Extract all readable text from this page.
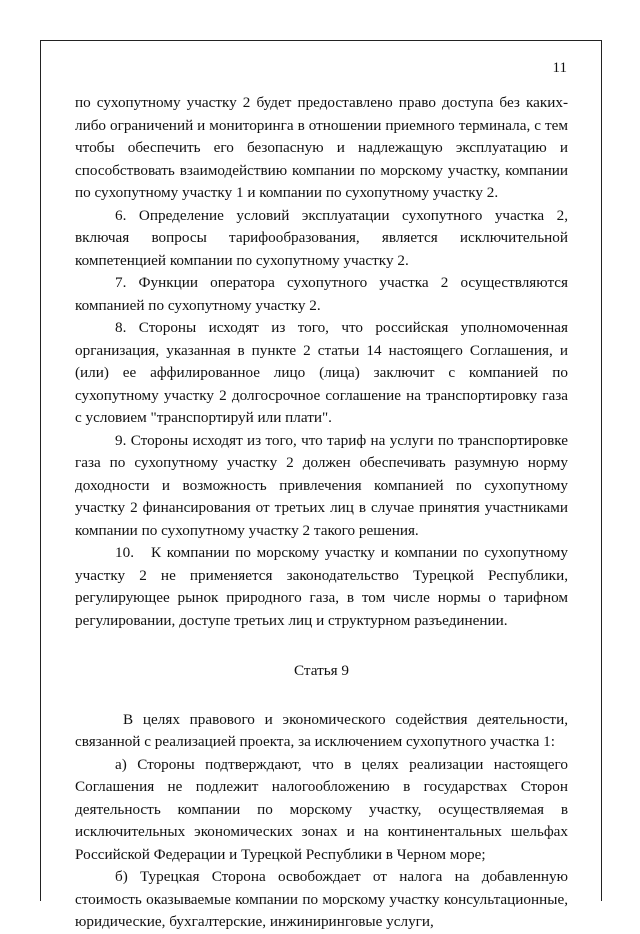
11

по сухопутному участку 2 будет предоставлено право доступа без каких-либо ограничений и мониторинга в отношении приемного терминала, с тем чтобы обеспечить его безопасную и надлежащую эксплуатацию и способствовать взаимодействию компании по морскому участку, компании по сухопутному участку 1 и компании по сухопутному участку 2.

6. Определение условий эксплуатации сухопутного участка 2, включая вопросы тарифообразования, является исключительной компетенцией компании по сухопутному участку 2.

7. Функции оператора сухопутного участка 2 осуществляются компанией по сухопутному участку 2.

8. Стороны исходят из того, что российская уполномоченная организация, указанная в пункте 2 статьи 14 настоящего Соглашения, и (или) ее аффилированное лицо (лица) заключит с компанией по сухопутному участку 2 долгосрочное соглашение на транспортировку газа с условием "транспортируй или плати".

9. Стороны исходят из того, что тариф на услуги по транспортировке газа по сухопутному участку 2 должен обеспечивать разумную норму доходности и возможность привлечения компанией по сухопутному участку 2 финансирования от третьих лиц в случае принятия участниками компании по сухопутному участку 2 такого решения.

10.   К компании по морскому участку и компании по сухопутному участку 2 не применяется законодательство Турецкой Республики, регулирующее рынок природного газа, в том числе нормы о тарифном регулировании, доступе третьих лиц и структурном разъединении.

Статья 9

В целях правового и экономического содействия деятельности, связанной с реализацией проекта, за исключением сухопутного участка 1:

а) Стороны подтверждают, что в целях реализации настоящего Соглашения не подлежит налогообложению в государствах Сторон деятельность компании по морскому участку, осуществляемая в исключительных экономических зонах и на континентальных шельфах Российской Федерации и Турецкой Республики в Черном море;

б) Турецкая Сторона освобождает от налога на добавленную стоимость оказываемые компании по морскому участку консультационные, юридические, бухгалтерские, инжиниринговые услуги,
